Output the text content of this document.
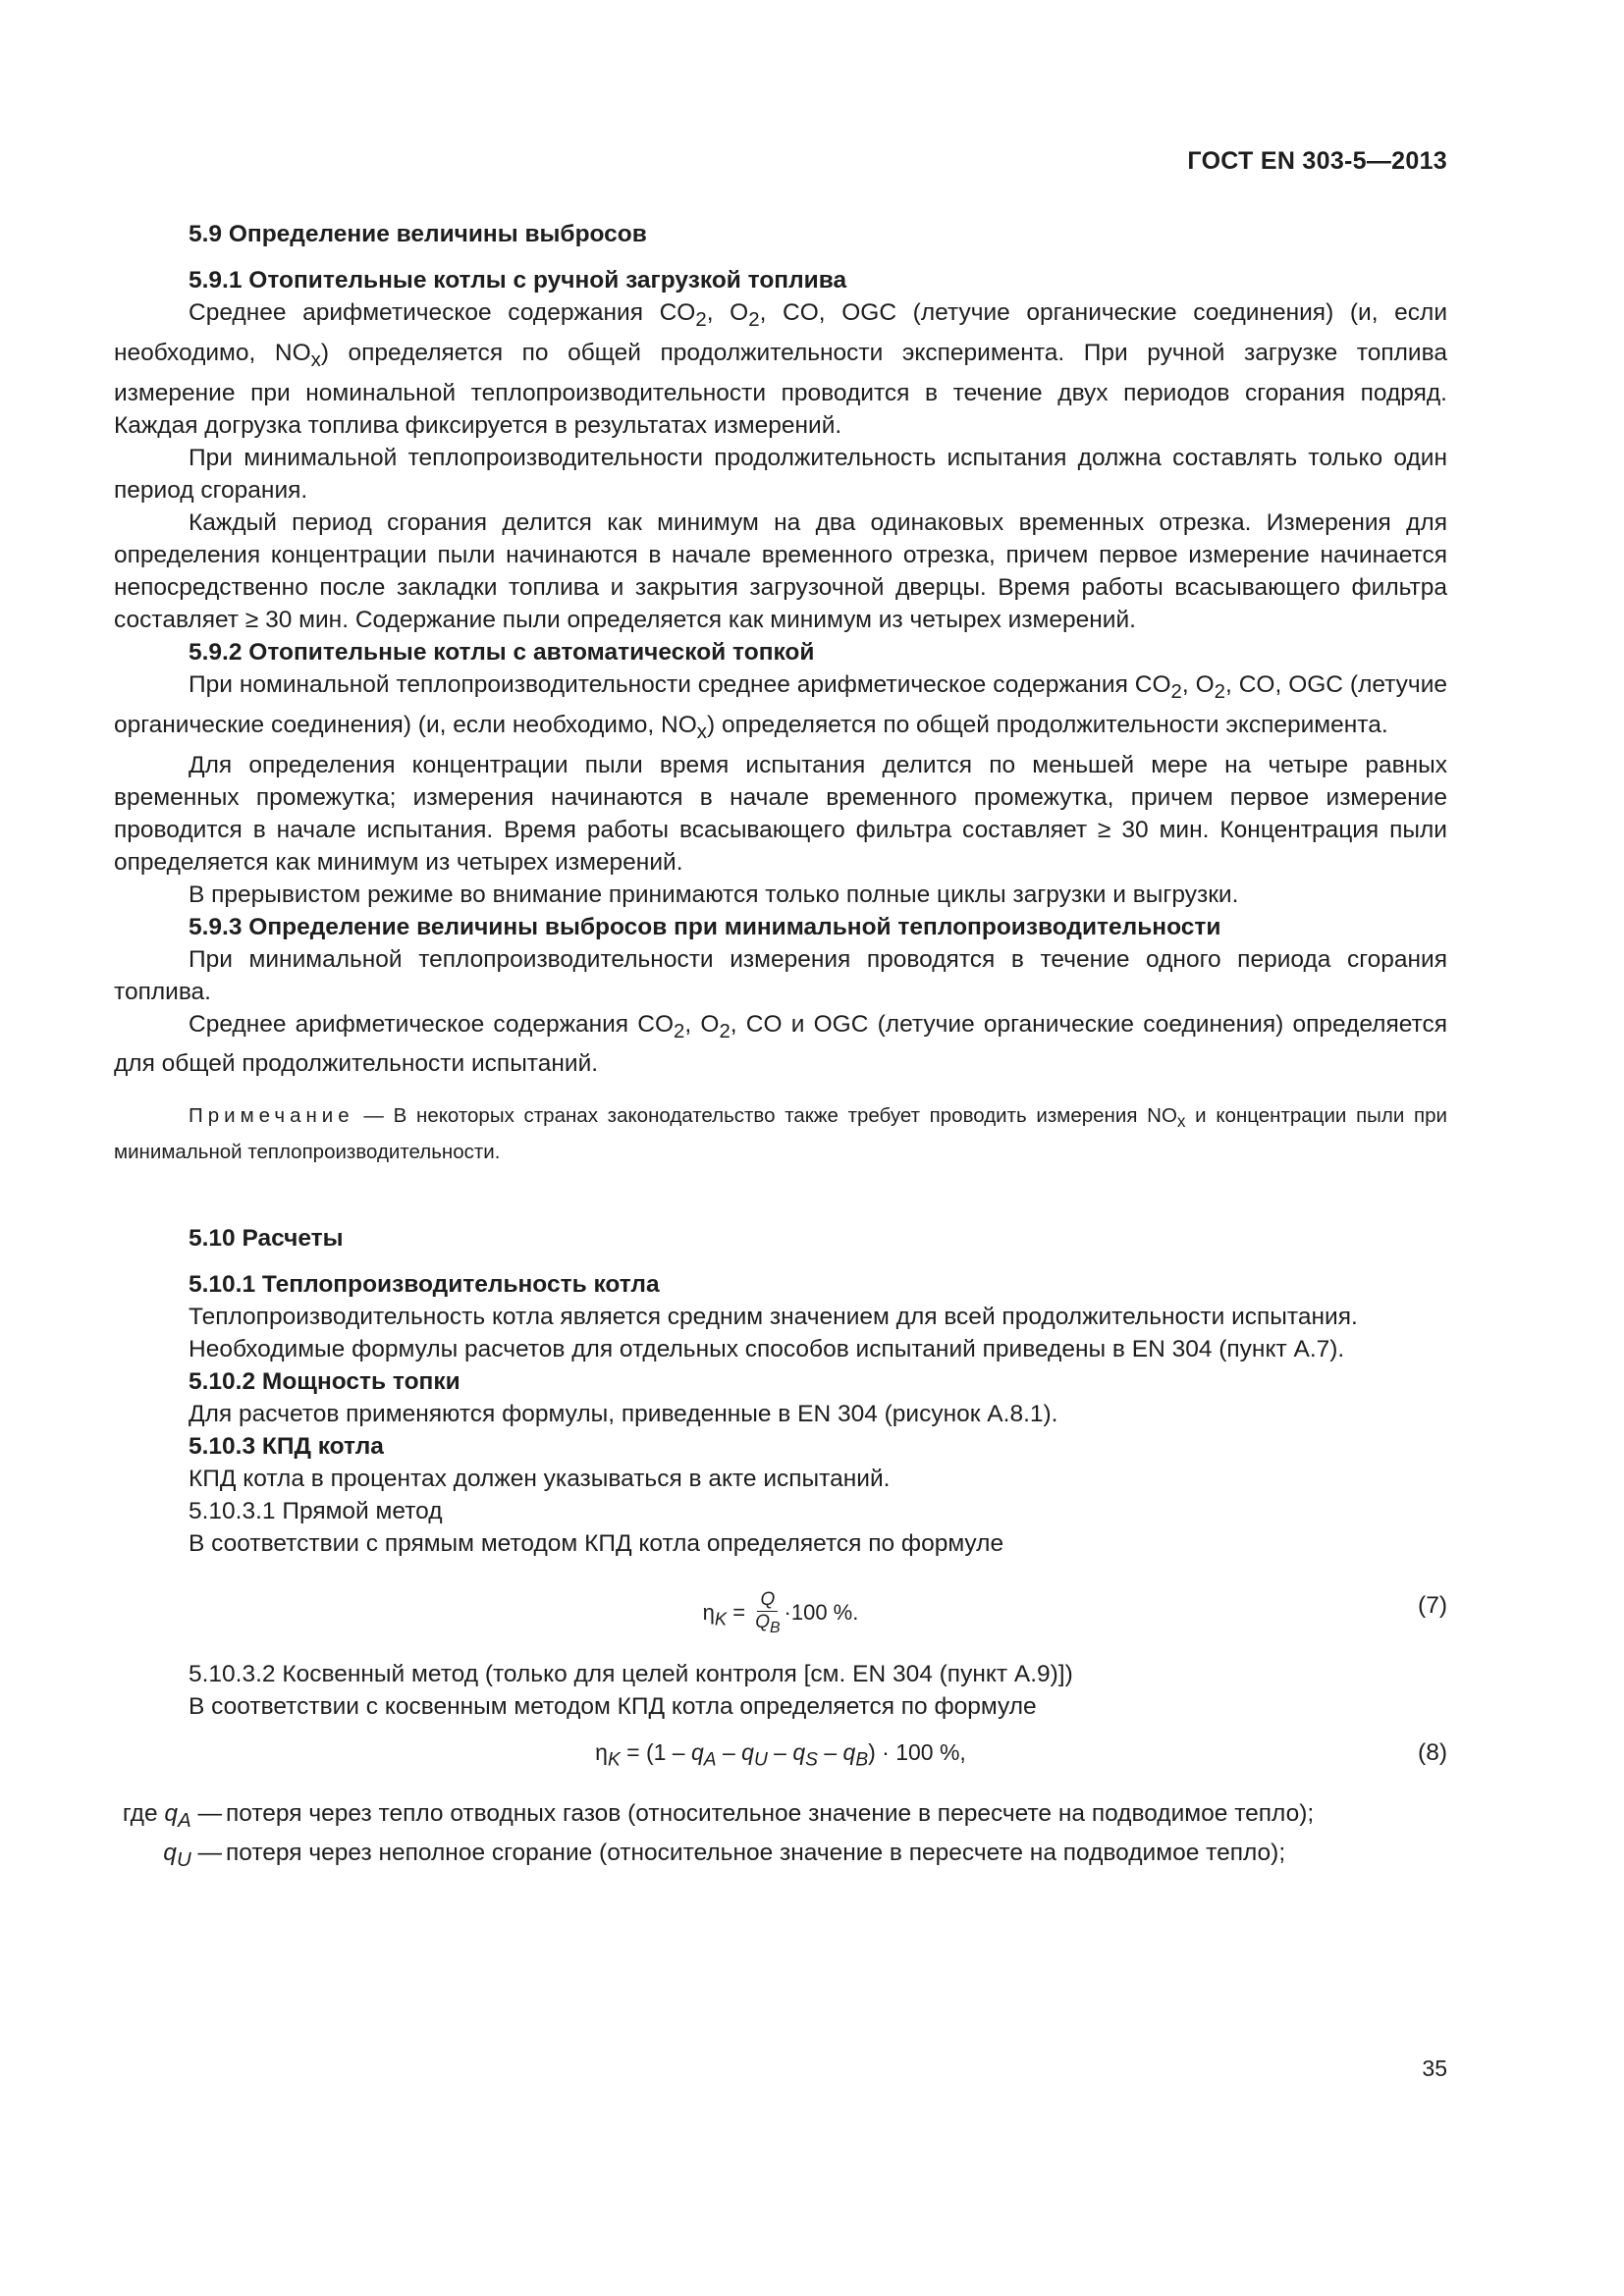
ГОСТ EN 303-5—2013

5.9 Определение величины выбросов

5.9.1 Отопительные котлы с ручной загрузкой топлива

Среднее арифметическое содержания $CO_2$, $O_2$, CO, OGC (летучие органические соединения) (и, если необходимо, $NO_x$) определяется по общей продолжительности эксперимента. При ручной загрузке топлива измерение при номинальной теплопроизводительности проводится в течение двух периодов сгорания подряд. Каждая догрузка топлива фиксируется в результатах измерений.

При минимальной теплопроизводительности продолжительность испытания должна составлять только один период сгорания.

Каждый период сгорания делится как минимум на два одинаковых временных отрезка. Измерения для определения концентрации пыли начинаются в начале временного отрезка, причем первое измерение начинается непосредственно после закладки топлива и закрытия загрузочной дверцы. Время работы всасывающего фильтра составляет ≥ 30 мин. Содержание пыли определяется как минимум из четырех измерений.

5.9.2 Отопительные котлы с автоматической топкой

При номинальной теплопроизводительности среднее арифметическое содержания $CO_2$, $O_2$, CO, OGC (летучие органические соединения) (и, если необходимо, $NO_x$) определяется по общей продолжительности эксперимента.

Для определения концентрации пыли время испытания делится по меньшей мере на четыре равных временных промежутка; измерения начинаются в начале временного промежутка, причем первое измерение проводится в начале испытания. Время работы всасывающего фильтра составляет ≥ 30 мин. Концентрация пыли определяется как минимум из четырех измерений.

В прерывистом режиме во внимание принимаются только полные циклы загрузки и выгрузки.

5.9.3 Определение величины выбросов при минимальной теплопроизводительности

При минимальной теплопроизводительности измерения проводятся в течение одного периода сгорания топлива.

Среднее арифметическое содержания $CO_2$, $O_2$, CO и OGC (летучие органические соединения) определяется для общей продолжительности испытаний.

Примечание — В некоторых странах законодательство также требует проводить измерения $NO_x$ и концентрации пыли при минимальной теплопроизводительности.

5.10 Расчеты

5.10.1 Теплопроизводительность котла

Теплопроизводительность котла является средним значением для всей продолжительности испытания.

Необходимые формулы расчетов для отдельных способов испытаний приведены в EN 304 (пункт А.7).

5.10.2 Мощность топки

Для расчетов применяются формулы, приведенные в EN 304 (рисунок А.8.1).

5.10.3 КПД котла

КПД котла в процентах должен указываться в акте испытаний.

5.10.3.1 Прямой метод

В соответствии с прямым методом КПД котла определяется по формуле

$\eta_K = \frac{Q}{Q_B} \cdot 100$ %.	(7)

5.10.3.2 Косвенный метод (только для целей контроля [см. EN 304 (пункт А.9)])

В соответствии с косвенным методом КПД котла определяется по формуле

$\eta_K = (1 - q_A - q_U - q_S - q_B) \cdot 100$ %,	(8)
где $q_A$ — потеря через тепло отводных газов (относительное значение в пересчете на подводимое тепло);
$q_U$ — потеря через неполное сгорание (относительное значение в пересчете на подводимое тепло);
35
